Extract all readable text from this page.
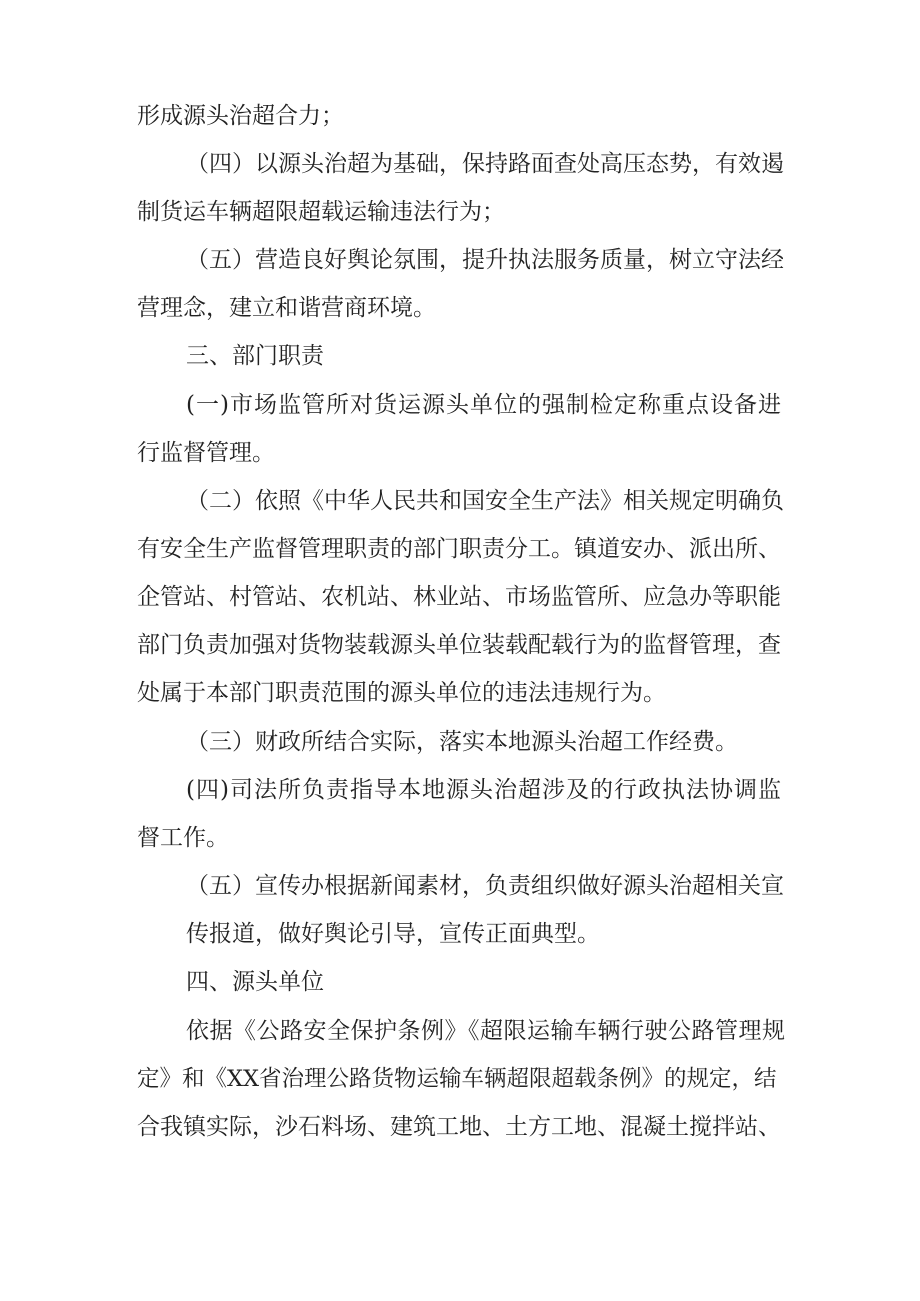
形成源头治超合力；
（四）以源头治超为基础，保持路面查处高压态势，有效遏
制货运车辆超限超载运输违法行为；
（五）营造良好舆论氛围，提升执法服务质量，树立守法经
营理念，建立和谐营商环境。
三、部门职责
(一)市场监管所对货运源头单位的强制检定称重点设备进
行监督管理。
（二）依照《中华人民共和国安全生产法》相关规定明确负
有安全生产监督管理职责的部门职责分工。镇道安办、派出所、
企管站、村管站、农机站、林业站、市场监管所、应急办等职能
部门负责加强对货物装载源头单位装载配载行为的监督管理，查
处属于本部门职责范围的源头单位的违法违规行为。
（三）财政所结合实际，落实本地源头治超工作经费。
(四)司法所负责指导本地源头治超涉及的行政执法协调监
督工作。
（五）宣传办根据新闻素材，负责组织做好源头治超相关宣
传报道，做好舆论引导，宣传正面典型。
四、源头单位
依据《公路安全保护条例》《超限运输车辆行驶公路管理规
定》和《XX省治理公路货物运输车辆超限超载条例》的规定，结
合我镇实际，沙石料场、建筑工地、土方工地、混凝土搅拌站、
